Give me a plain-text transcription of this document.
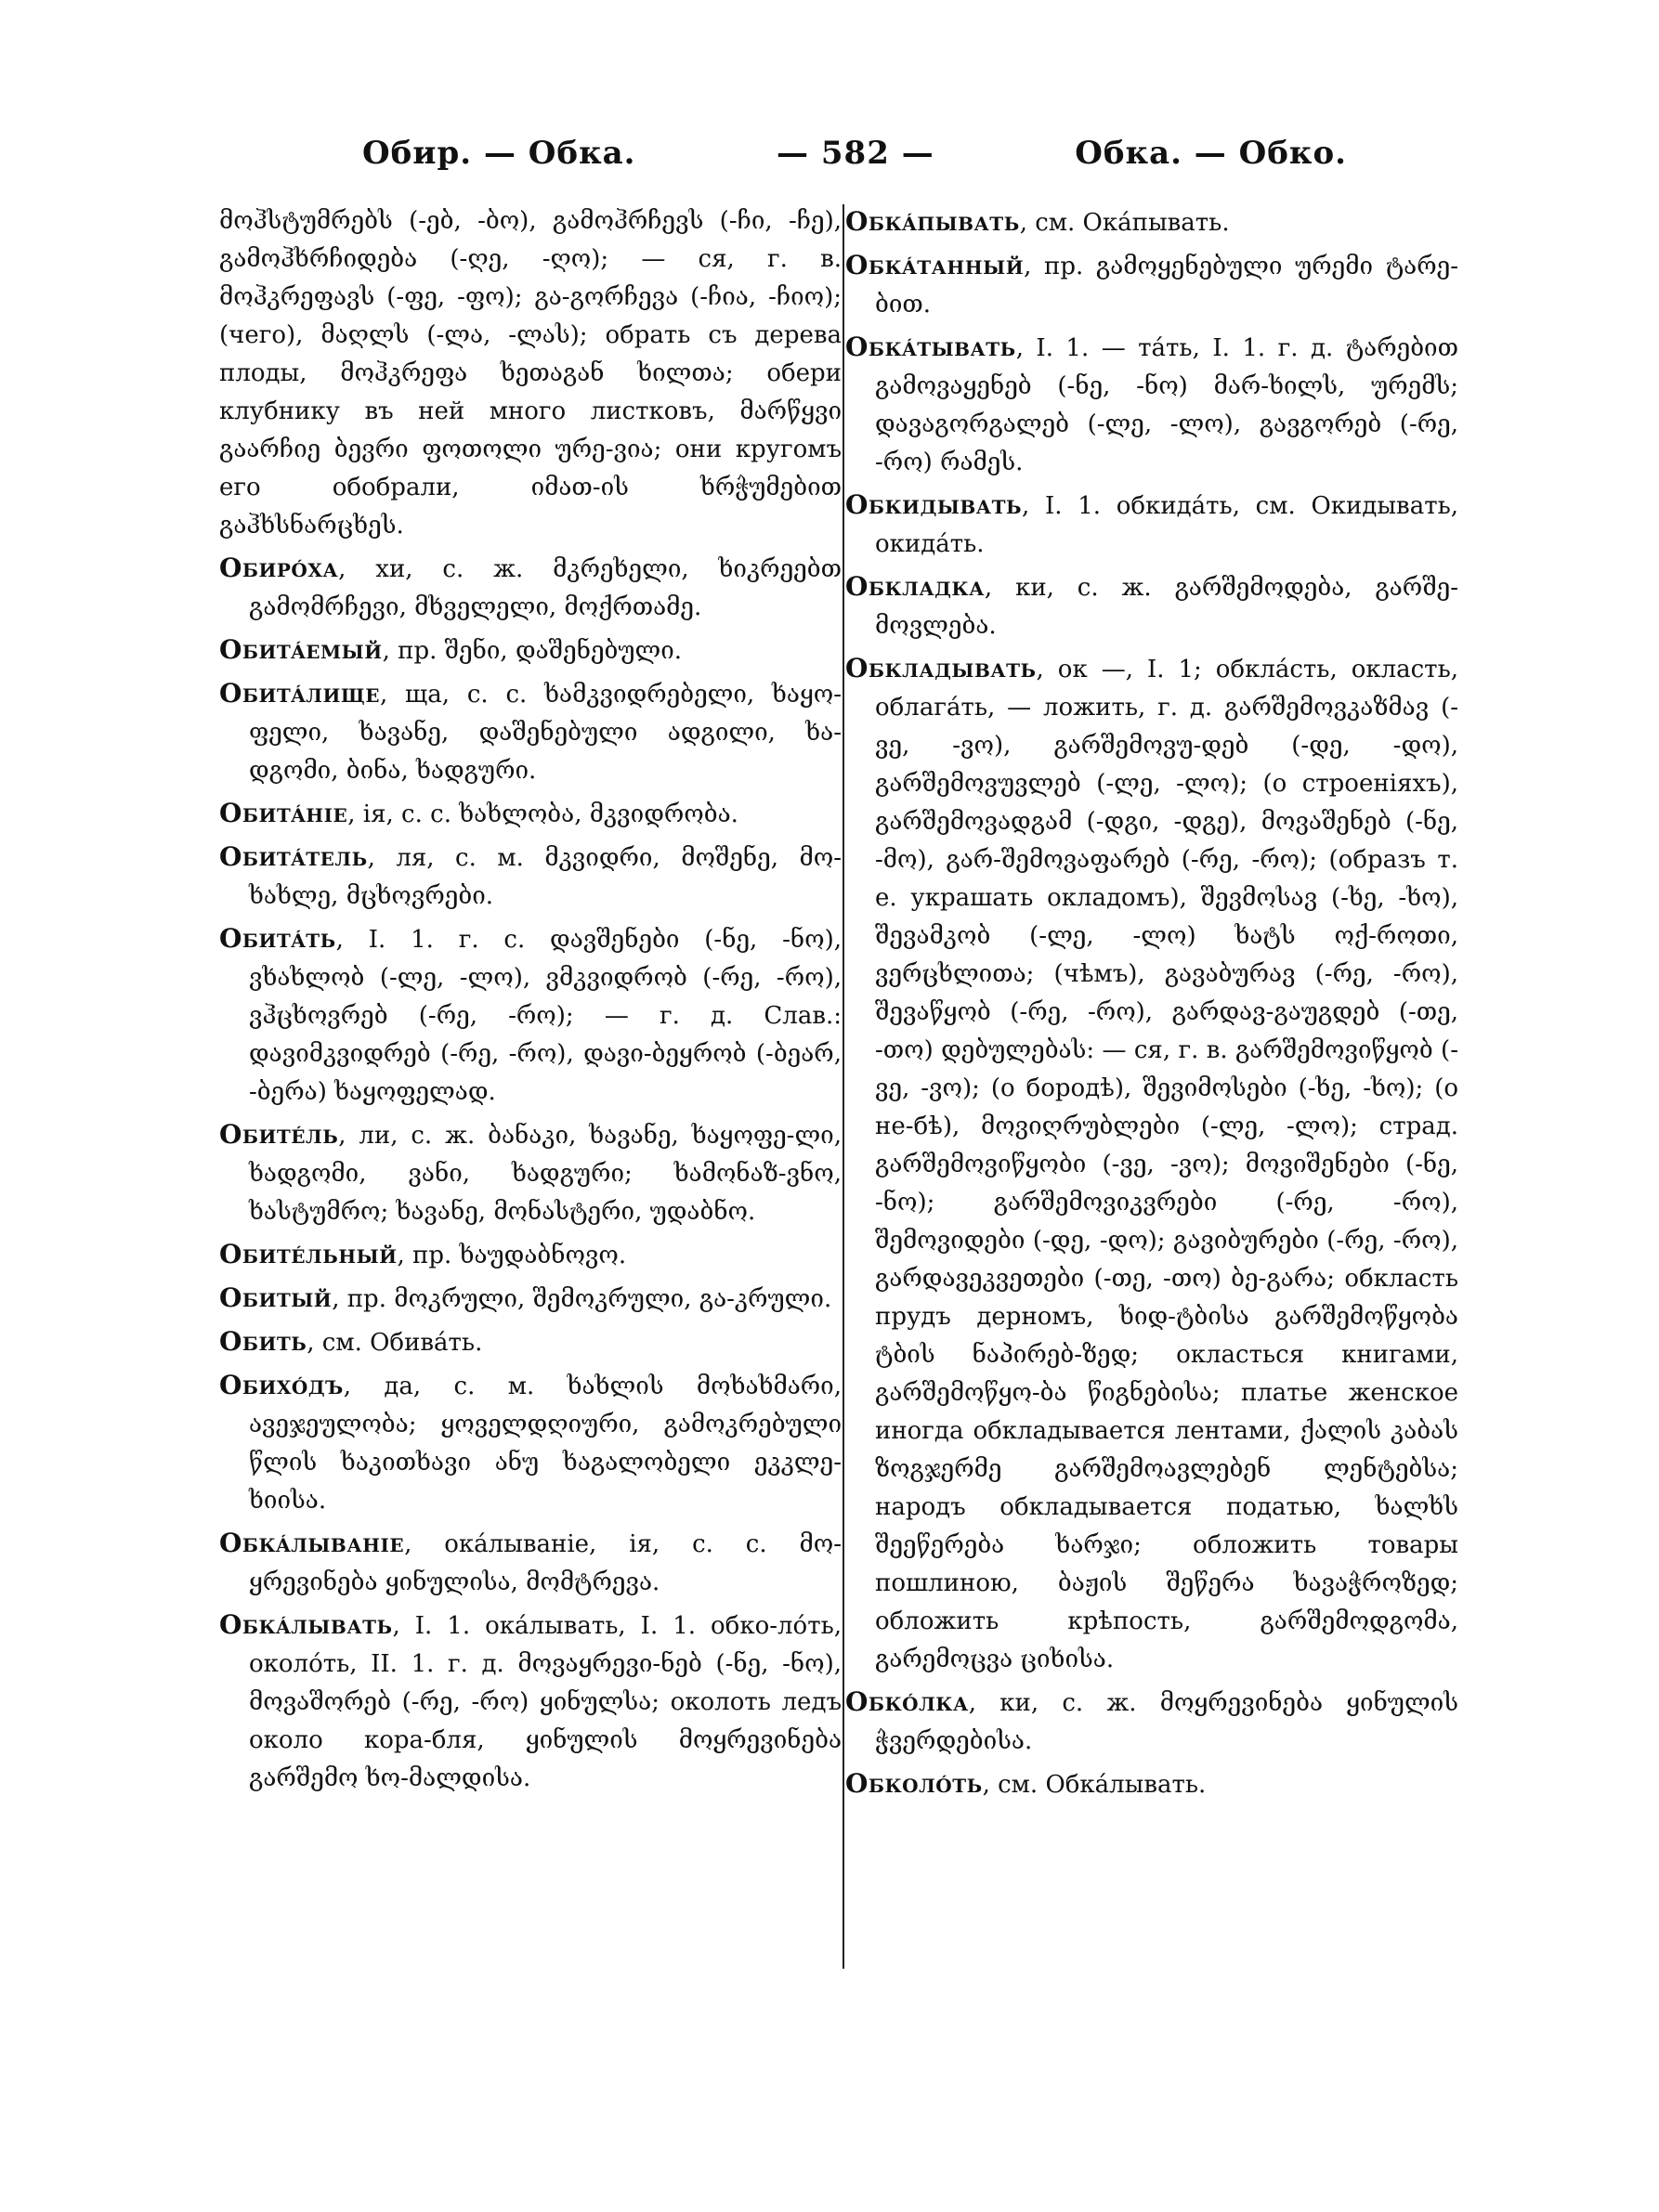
Обир. — Обка.	— 582 —	Обка. — Обко.

მოჰსტუმრებს (-ებ, -ბო), გამოჰრჩევს (-ჩი, -ჩე), გამოჰხრჩიდება (-ღე, -ღო); — ся, г. в. მოჰკრეფავს (-ფე, -ფო); გა-გორჩევა (-ჩია, -ჩიო); (чего), მაღლს (-ლა, -ლას); обрать съ дерева плоды, მოჰკრეფა ხეთაგან ხილთა; обери клубнику въ ней много листковъ, მარწყვი გაარჩიე ბევრი ფოთოლი ურე-ვია; они кругомъ его обобрали, იმათ-ის ხრჭუმებით გაჰხსნარცხეს.

Обирóха, хи, с. ж. მკრეხელი, ხიკრეებთ გამომრჩევი, მხველელი, მოქრთამე.

Обитáемый, пр. შენი, დაშენებული.

Обитáлище, ща, с. с. ხამკვიდრებელი, ხაყო-ფელი, ხავანე, დაშენებული ადგილი, ხა-დგომი, ბინა, ხადგური.

Обитáніе, ія, с. с. ხახლობა, მკვიდრობა.

Обитáтель, ля, с. м. მკვიდრი, მოშენე, მო-ხახლე, მცხოვრები.

Обитáть, I. 1. г. с. დავშენები (-ნე, -ნო), ვხახლობ (-ლე, -ლო), ვმკვიდრობ (-რე, -რო), ვჰცხოვრებ (-რე, -რო); — г. д. Слав.: დავიმკვიდრებ (-რე, -რო), დავი-ბეყრობ (-ბეარ, -ბერა) ხაყოფელად.

Обитéль, ли, с. ж. ბანაკი, ხავანე, ხაყოფე-ლი, ხადგომი, ვანი, ხადგური; ხამონაზ-ვნო, ხასტუმრო; ხავანე, მონასტერი, უდაბნო.

Обитéльный, пр. ხაუდაბნოვო.

Обитый, пр. მოკრული, შემოკრული, გა-კრული.

Обить, см. Обивáть.

Обихóдъ, да, с. м. ხახლის მოხახმარი, ავეჯეულობა; ყოველდღიური, გამოკრებული წლის ხაკითხავი ანუ ხაგალობელი ეკკლე-ხიისა.

Обкáлываніе, окáлываніе, ія, с. с. მო-ყრევინება ყინულისა, მომტრევა.

Обкáлывать, I. 1. окáлывать, I. 1. обко-лóть, околóть, II. 1. г. д. მოვაყრევი-ნებ (-ნე, -ნო), მოვაშორებ (-რე, -რო) ყინულსა; околоть ледъ около кора-бля, ყინულის მოყრევინება გარშემო ხო-მალდისა.

Обкáпывать, см. Окáпывать.

Обкáтанный, пр. გამოყენებული ურემი ტარე-ბით.

Обкáтывать, I. 1. — тáть, I. 1. г. д. ტარებით გამოვაყენებ (-ნე, -ნო) მარ-ხილს, ურემს; დავაგორგალებ (-ლე, -ლო), გავგორებ (-რე, -რო) რამეს.

Обкидывать, I. 1. обкидáть, см. Окидывать, окидáть.

Обкладка, ки, с. ж. გარშემოდება, გარშე-მოვლება.

Обкладывать, ок —, I. 1; обклáсть, окласть, облагáть, — ложить, г. д. გარშემოვკაზმავ (-ვე, -ვო), გარშემოვუ-დებ (-დე, -დო), გარშემოვუვლებ (-ლე, -ლო); (о строеніяхъ), გარშემოვადგამ (-დგი, -დგე), მოვაშენებ (-ნე, -მო), გარ-შემოვაფარებ (-რე, -რო); (образъ т. е. украшать окладомъ), შევმოსავ (-ხე, -ხო), შევამკობ (-ლე, -ლო) ხატს ოქ-როთი, ვერცხლითა; (чѣмъ), გავაბურავ (-რე, -რო), შევაწყობ (-რე, -რო), გარდავ-გაუგდებ (-თე, -თო) დებულებას: — ся, г. в. გარშემოვიწყობ (-ვე, -ვო); (о бородѣ), შევიმოსები (-ხე, -ხო); (о не-бѣ), მოვიღრუბლები (-ლე, -ლო); страд. გარშემოვიწყობი (-ვე, -ვო); მოვიშენები (-ნე, -ნო); გარშემოვიკვრები (-რე, -რო), შემოვიდები (-დე, -დო); გავიბურები (-რე, -რო), გარდავეკვეთები (-თე, -თო) ბე-გარა; обкласть прудъ дерномъ, ხიდ-ტბისა გარშემოწყობა ტბის ნაპირებ-ზედ; окласться книгами, გარშემოწყო-ბა წიგნებისა; платье женское иногда обкладывается лентами, ქალის კაბას ზოგჯერმე გარშემოავლებენ ლენტებსა; народъ обкладывается податью, ხალხს შეეწერება ხარჯი; обложить товары пошлиною, ბაჟის შეწერა ხავაჭროზედ; обложить крѣпость, გარშემოდგომა, გარემოცვა ციხისა.

Обкóлка, ки, с. ж. მოყრევინება ყინულის ჭვერდებისა.

Обколóть, см. Обкáлывать.
